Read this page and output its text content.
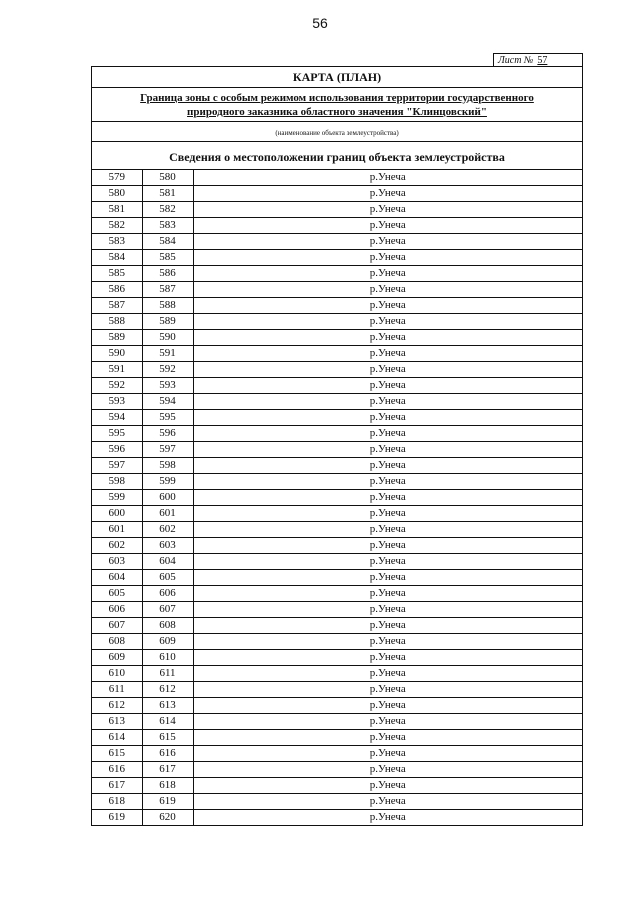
56
Лист № 57
КАРТА (ПЛАН)
Граница зоны с особым режимом использования территории государственного
природного заказника областного значения "Клинцовский"
(наименование объекта землеустройства)
Сведения о местоположении границ объекта землеустройства
579	580	р.Унеча
580	581	р.Унеча
581	582	р.Унеча
582	583	р.Унеча
583	584	р.Унеча
584	585	р.Унеча
585	586	р.Унеча
586	587	р.Унеча
587	588	р.Унеча
588	589	р.Унеча
589	590	р.Унеча
590	591	р.Унеча
591	592	р.Унеча
592	593	р.Унеча
593	594	р.Унеча
594	595	р.Унеча
595	596	р.Унеча
596	597	р.Унеча
597	598	р.Унеча
598	599	р.Унеча
599	600	р.Унеча
600	601	р.Унеча
601	602	р.Унеча
602	603	р.Унеча
603	604	р.Унеча
604	605	р.Унеча
605	606	р.Унеча
606	607	р.Унеча
607	608	р.Унеча
608	609	р.Унеча
609	610	р.Унеча
610	611	р.Унеча
611	612	р.Унеча
612	613	р.Унеча
613	614	р.Унеча
614	615	р.Унеча
615	616	р.Унеча
616	617	р.Унеча
617	618	р.Унеча
618	619	р.Унеча
619	620	р.Унеча
